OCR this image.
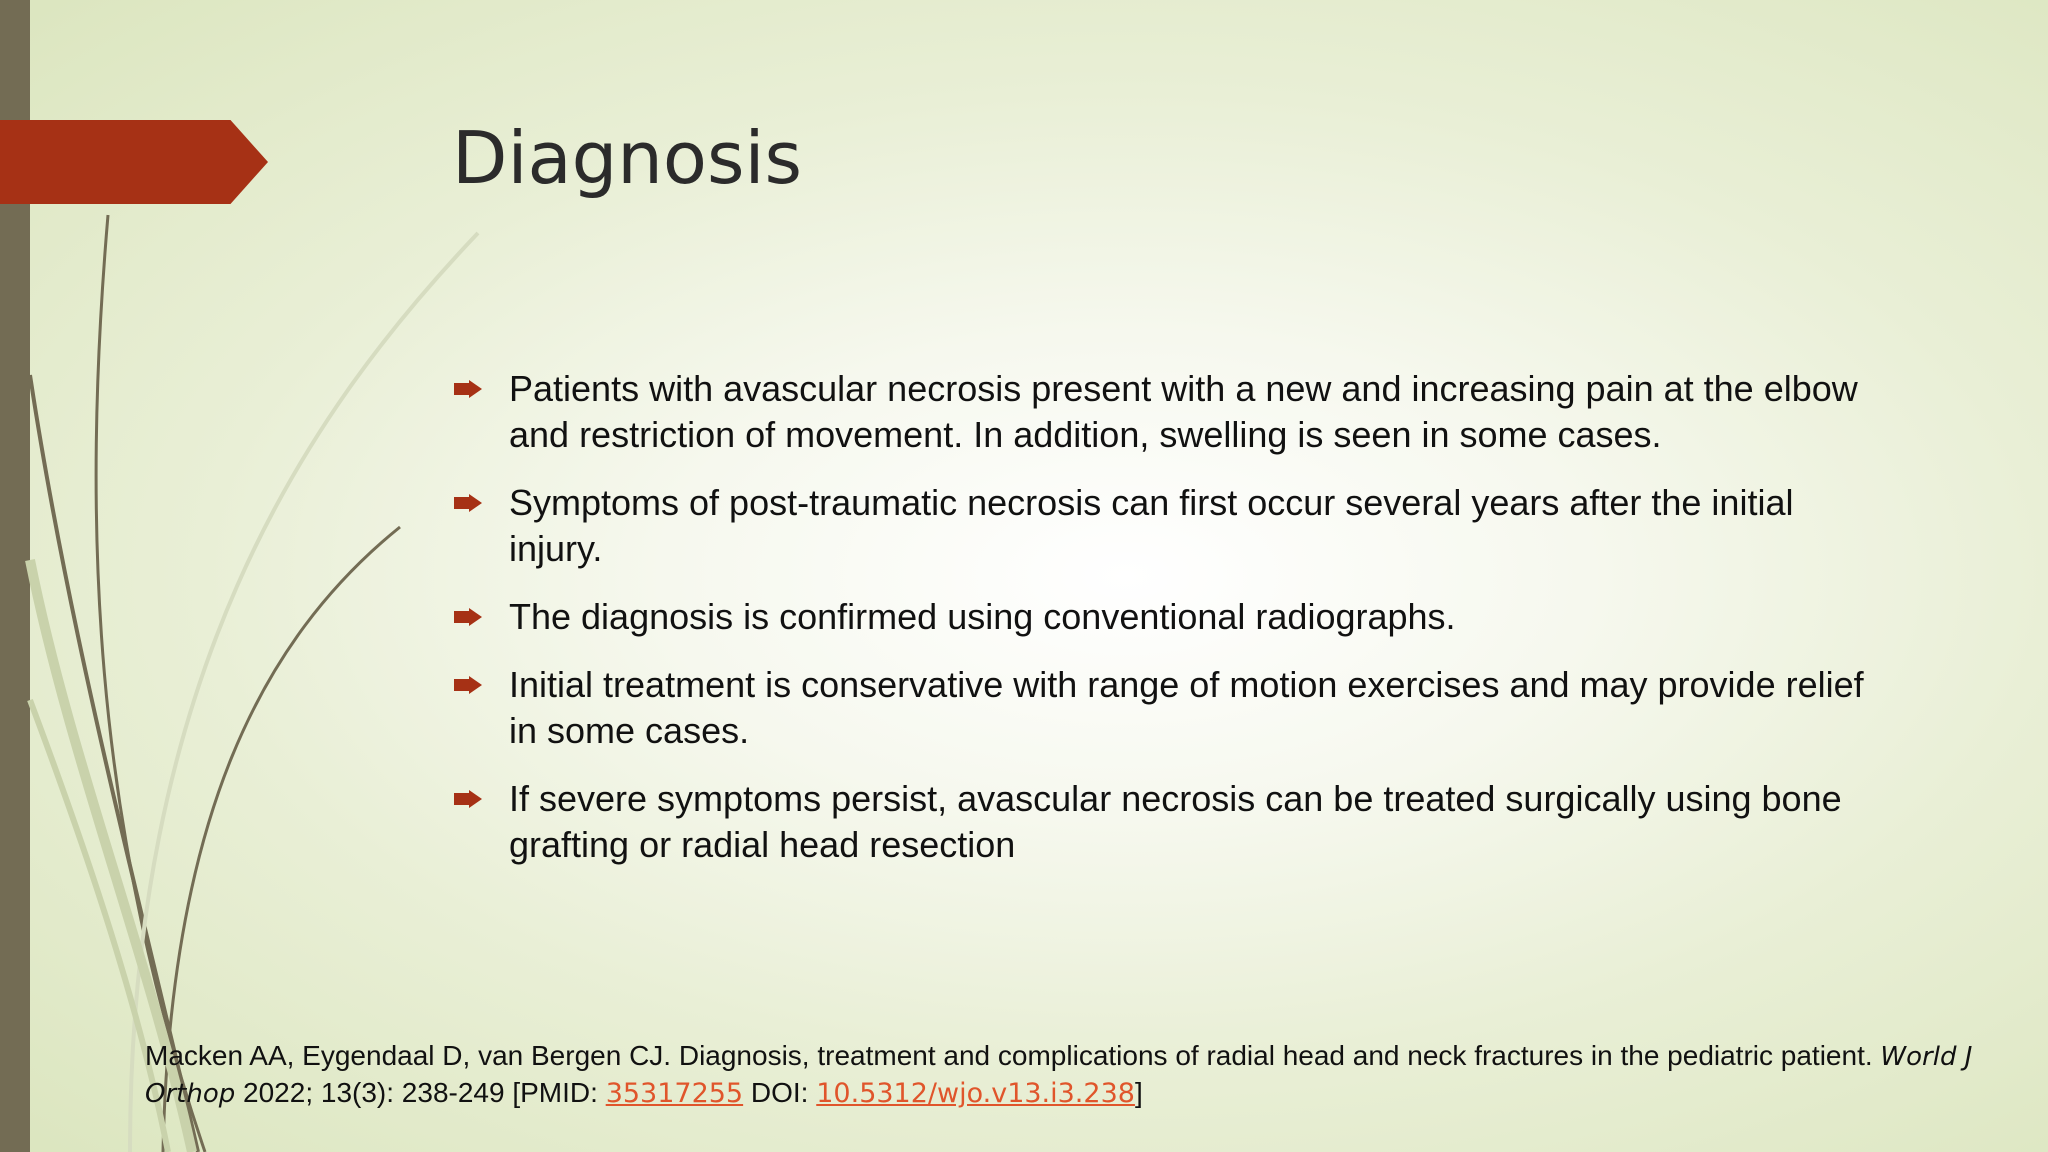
Diagnosis
Patients with avascular necrosis present with a new and increasing pain at the elbow and restriction of movement. In addition, swelling is seen in some cases.
Symptoms of post-traumatic necrosis can first occur several years after the initial injury.
The diagnosis is confirmed using conventional radiographs.
Initial treatment is conservative with range of motion exercises and may provide relief in some cases.
If severe symptoms persist, avascular necrosis can be treated surgically using bone grafting or radial head resection

Macken AA, Eygendaal D, van Bergen CJ. Diagnosis, treatment and complications of radial head and neck fractures in the pediatric patient. World J Orthop 2022; 13(3): 238-249 [PMID: 35317255 DOI: 10.5312/wjo.v13.i3.238]
